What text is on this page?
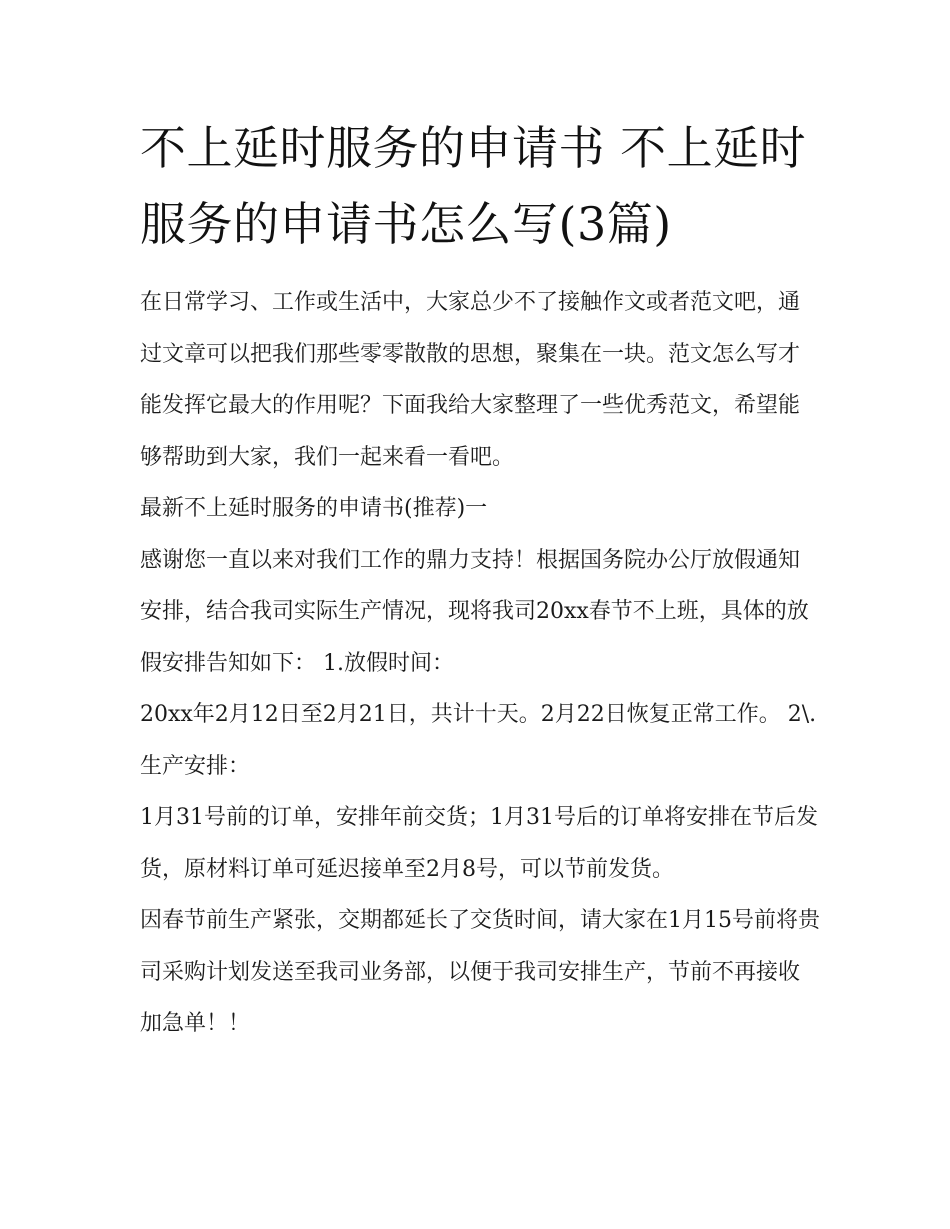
不上延时服务的申请书 不上延时服务的申请书怎么写(3篇)

在日常学习、工作或生活中，大家总少不了接触作文或者范文吧，通过文章可以把我们那些零零散散的思想，聚集在一块。范文怎么写才能发挥它最大的作用呢？下面我给大家整理了一些优秀范文，希望能够帮助到大家，我们一起来看一看吧。

最新不上延时服务的申请书(推荐)一

感谢您一直以来对我们工作的鼎力支持！根据国务院办公厅放假通知安排，结合我司实际生产情况，现将我司20xx春节不上班，具体的放假安排告知如下： 1.放假时间：

20xx年2月12日至2月21日，共计十天。2月22日恢复正常工作。 2\.生产安排：

1月31号前的订单，安排年前交货；1月31号后的订单将安排在节后发货，原材料订单可延迟接单至2月8号，可以节前发货。

因春节前生产紧张，交期都延长了交货时间，请大家在1月15号前将贵司采购计划发送至我司业务部，以便于我司安排生产，节前不再接收加急单！！
